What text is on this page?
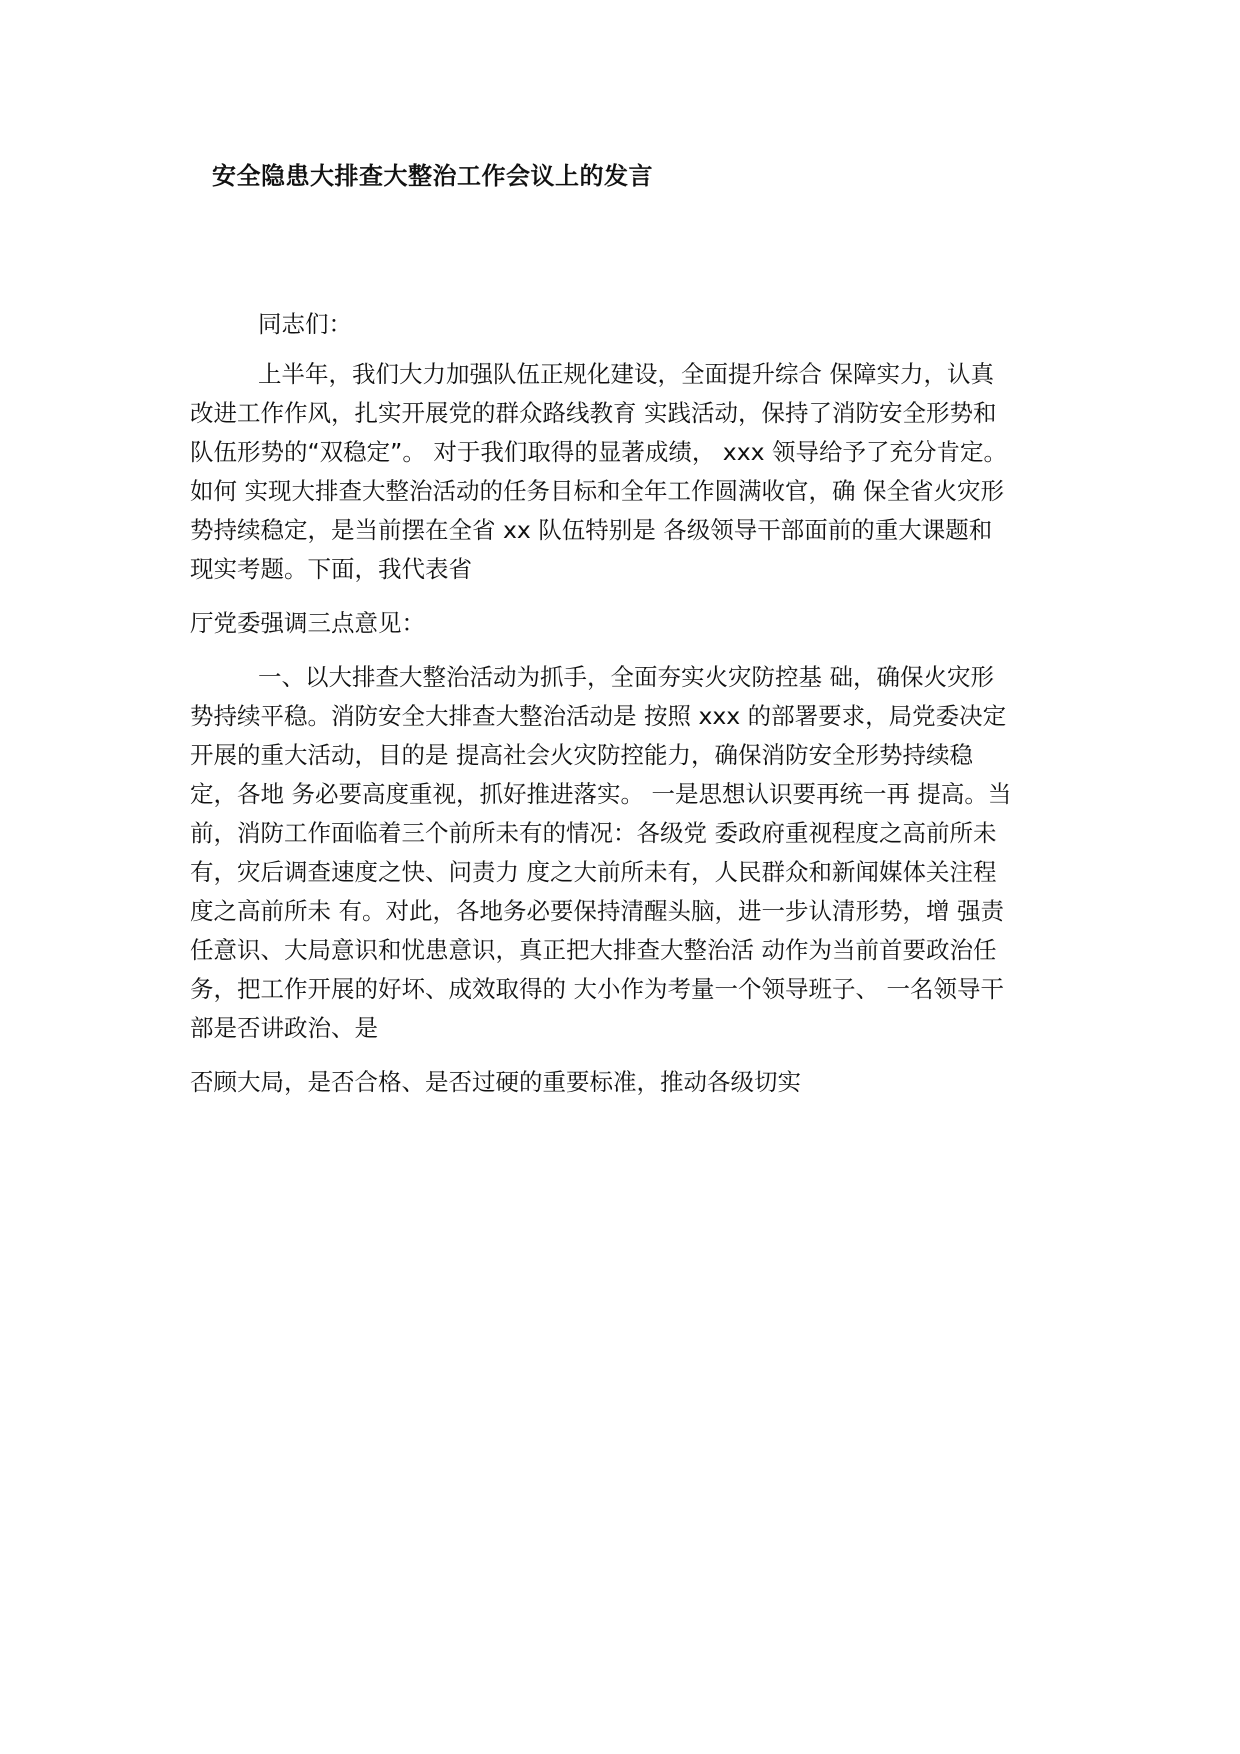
安全隐患大排查大整治工作会议上的发言

同志们：

上半年，我们大力加强队伍正规化建设，全面提升综合 保障实力，认真

改进工作作风，扎实开展党的群众路线教育 实践活动，保持了消防安全形势和

队伍形势的“双稳定”。 对于我们取得的显著成绩， xxx 领导给予了充分肯定。

如何 实现大排查大整治活动的任务目标和全年工作圆满收官，确 保全省火灾形

势持续稳定，是当前摆在全省 xx 队伍特别是 各级领导干部面前的重大课题和

现实考题。下面，我代表省

厅党委强调三点意见：

一、以大排查大整治活动为抓手，全面夯实火灾防控基 础，确保火灾形

势持续平稳。消防安全大排查大整治活动是 按照 xxx 的部署要求，局党委决定

开展的重大活动，目的是 提高社会火灾防控能力，确保消防安全形势持续稳

定，各地 务必要高度重视，抓好推进落实。 一是思想认识要再统一再 提高。当

前，消防工作面临着三个前所未有的情况：各级党 委政府重视程度之高前所未

有，灾后调查速度之快、问责力 度之大前所未有，人民群众和新闻媒体关注程

度之高前所未 有。对此，各地务必要保持清醒头脑，进一步认清形势，增 强责

任意识、大局意识和忧患意识，真正把大排查大整治活 动作为当前首要政治任

务，把工作开展的好坏、成效取得的 大小作为考量一个领导班子、 一名领导干

部是否讲政治、是

否顾大局，是否合格、是否过硬的重要标准，推动各级切实
